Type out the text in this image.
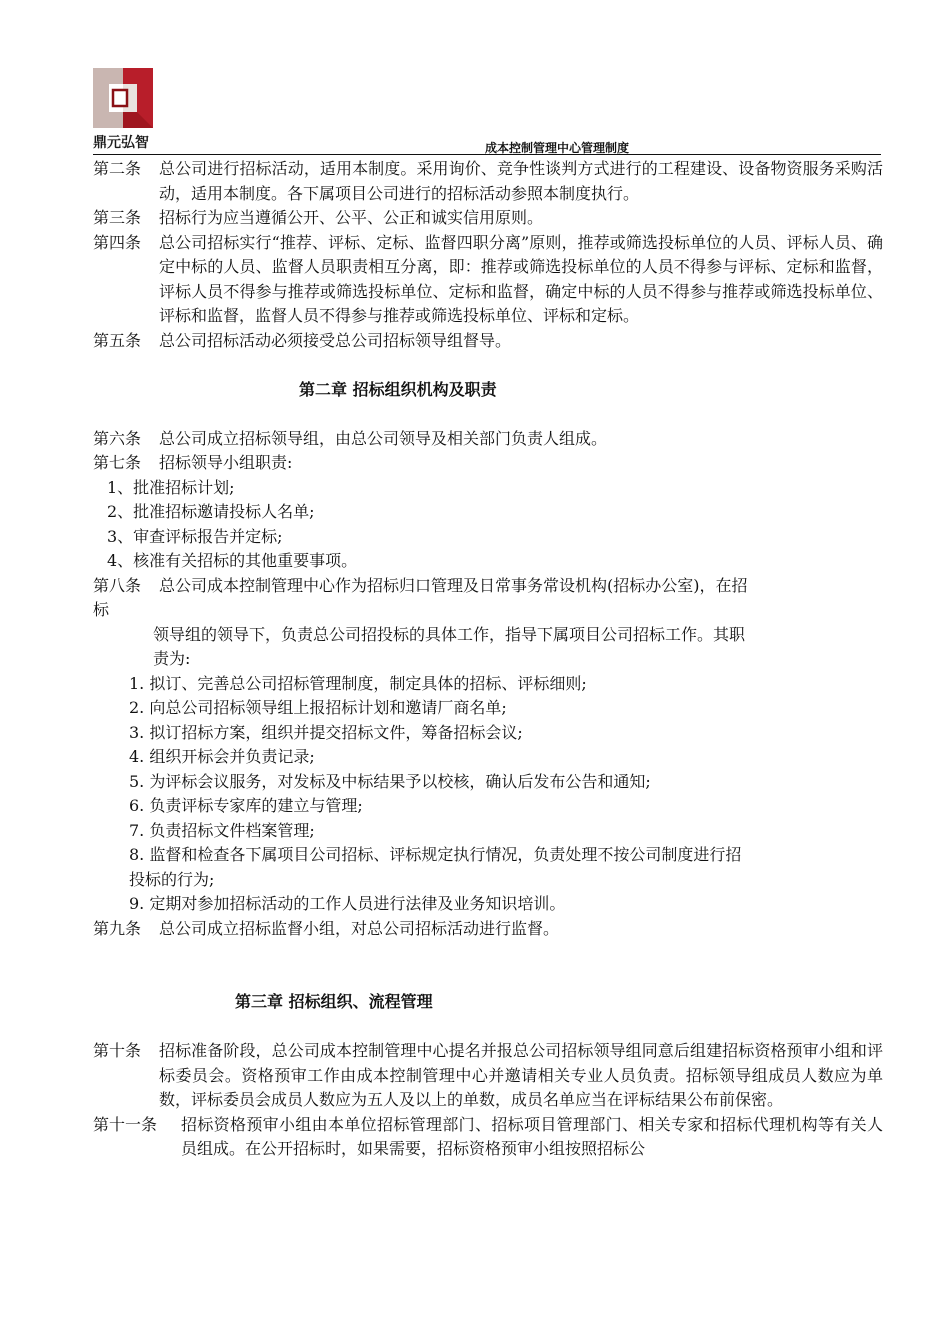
鼎元弘智	成本控制管理中心管理制度
第二条	总公司进行招标活动，适用本制度。采用询价、竞争性谈判方式进行的工程建设、设备物资服务采购活动，适用本制度。各下属项目公司进行的招标活动参照本制度执行。
第三条	招标行为应当遵循公开、公平、公正和诚实信用原则。
第四条	总公司招标实行“推荐、评标、定标、监督四职分离”原则，推荐或筛选投标单位的人员、评标人员、确定中标的人员、监督人员职责相互分离，即：推荐或筛选投标单位的人员不得参与评标、定标和监督，评标人员不得参与推荐或筛选投标单位、定标和监督，确定中标的人员不得参与推荐或筛选投标单位、评标和监督，监督人员不得参与推荐或筛选投标单位、评标和定标。
第五条	总公司招标活动必须接受总公司招标领导组督导。
第二章 招标组织机构及职责
第六条	总公司成立招标领导组，由总公司领导及相关部门负责人组成。
第七条	招标领导小组职责:
1、批准招标计划;
2、批准招标邀请投标人名单;
3、审查评标报告并定标;
4、核准有关招标的其他重要事项。
第八条	总公司成本控制管理中心作为招标归口管理及日常事务常设机构(招标办公室)，在招
标
领导组的领导下，负责总公司招投标的具体工作，指导下属项目公司招标工作。其职
责为:
1. 拟订、完善总公司招标管理制度，制定具体的招标、评标细则;
2. 向总公司招标领导组上报招标计划和邀请厂商名单;
3. 拟订招标方案，组织并提交招标文件，筹备招标会议;
4. 组织开标会并负责记录;
5. 为评标会议服务，对发标及中标结果予以校核，确认后发布公告和通知;
6. 负责评标专家库的建立与管理;
7. 负责招标文件档案管理;
8. 监督和检查各下属项目公司招标、评标规定执行情况，负责处理不按公司制度进行招
投标的行为;
9. 定期对参加招标活动的工作人员进行法律及业务知识培训。
第九条	总公司成立招标监督小组，对总公司招标活动进行监督。
第三章 招标组织、流程管理
第十条	招标准备阶段，总公司成本控制管理中心提名并报总公司招标领导组同意后组建招标资格预审小组和评标委员会。资格预审工作由成本控制管理中心并邀请相关专业人员负责。招标领导组成员人数应为单数，评标委员会成员人数应为五人及以上的单数，成员名单应当在评标结果公布前保密。
第十一条	招标资格预审小组由本单位招标管理部门、招标项目管理部门、相关专家和招标代理机构等有关人员组成。在公开招标时，如果需要，招标资格预审小组按照招标公
